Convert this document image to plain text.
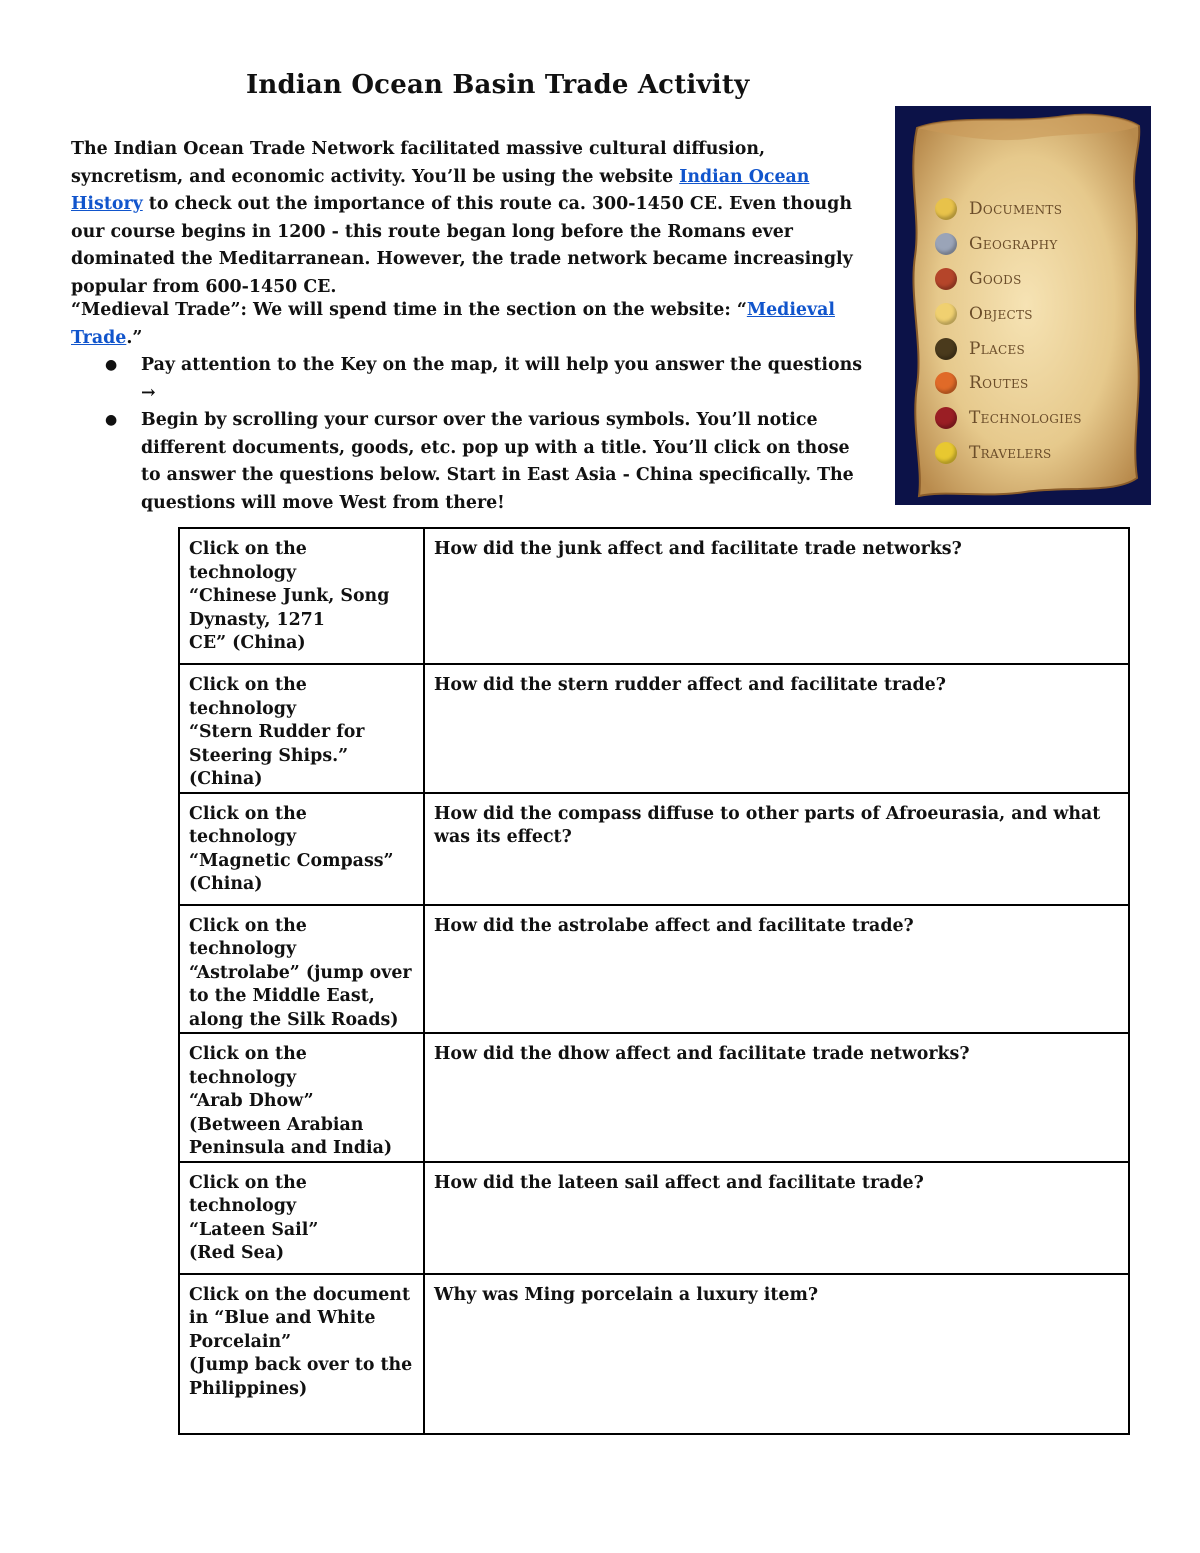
Indian Ocean Basin Trade Activity

The Indian Ocean Trade Network facilitated massive cultural diffusion, syncretism, and economic activity. You’ll be using the website Indian Ocean History to check out the importance of this route ca. 300-1450 CE. Even though our course begins in 1200 - this route began long before the Romans ever dominated the Meditarranean. However, the trade network became increasingly popular from 600-1450 CE.

“Medieval Trade”: We will spend time in the section on the website: “Medieval Trade.”
● Pay attention to the Key on the map, it will help you answer the questions →
● Begin by scrolling your cursor over the various symbols. You’ll notice different documents, goods, etc. pop up with a title. You’ll click on those to answer the questions below. Start in East Asia - China specifically. The questions will move West from there!
Documents
Geography
Goods
Objects
Places
Routes
Technologies
Travelers
Click on the technology
“Chinese Junk, Song
Dynasty, 1271
CE” (China)	How did the junk affect and facilitate trade networks?
Click on the technology
“Stern Rudder for
Steering Ships.” (China)	How did the stern rudder affect and facilitate trade?
Click on the technology
“Magnetic Compass”
(China)	How did the compass diffuse to other parts of Afroeurasia, and what was its effect?
Click on the technology
“Astrolabe” (jump over
to the Middle East,
along the Silk Roads)	How did the astrolabe affect and facilitate trade?
Click on the technology
“Arab Dhow”
(Between Arabian
Peninsula and India)	How did the dhow affect and facilitate trade networks?
Click on the technology
“Lateen Sail”
(Red Sea)	How did the lateen sail affect and facilitate trade?
Click on the document
in “Blue and White
Porcelain”
(Jump back over to the
Philippines)	Why was Ming porcelain a luxury item?
